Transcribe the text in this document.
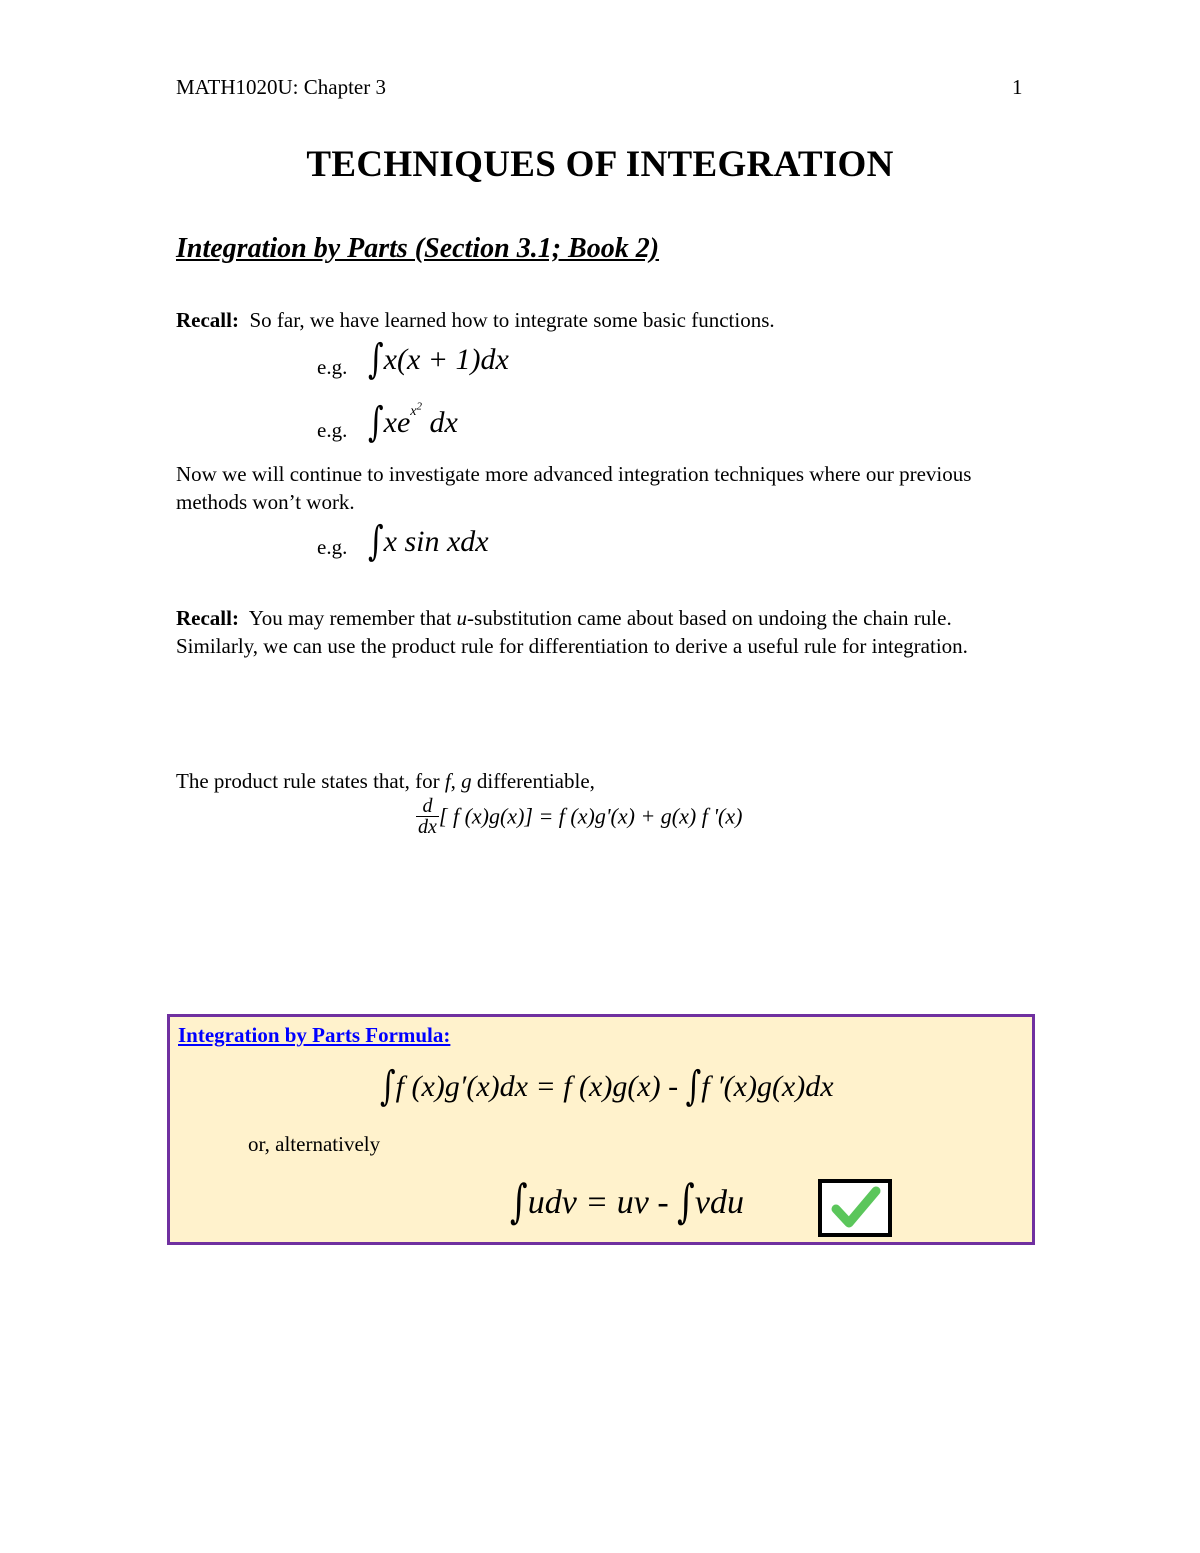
MATH1020U: Chapter 3	1
TECHNIQUES OF INTEGRATION
Integration by Parts (Section 3.1; Book 2)
Recall: So far, we have learned how to integrate some basic functions.
e.g. ∫x(x + 1)dx
e.g. $\int xe^{x^2}$ dx
Now we will continue to investigate more advanced integration techniques where our previous methods won’t work.
e.g. ∫x sin xdx
Recall: You may remember that u-substitution came about based on undoing the chain rule. Similarly, we can use the product rule for differentiation to derive a useful rule for integration.
The product rule states that, for f, g differentiable,
$\frac{d}{dx}$ [ f (x)g(x)] = f (x)g'(x) + g(x) f '(x)
Integration by Parts Formula:
∫f (x)g′(x)dx = f (x)g(x) - ∫f ′(x)g(x)dx
or, alternatively
∫udv = uv - ∫vdu
